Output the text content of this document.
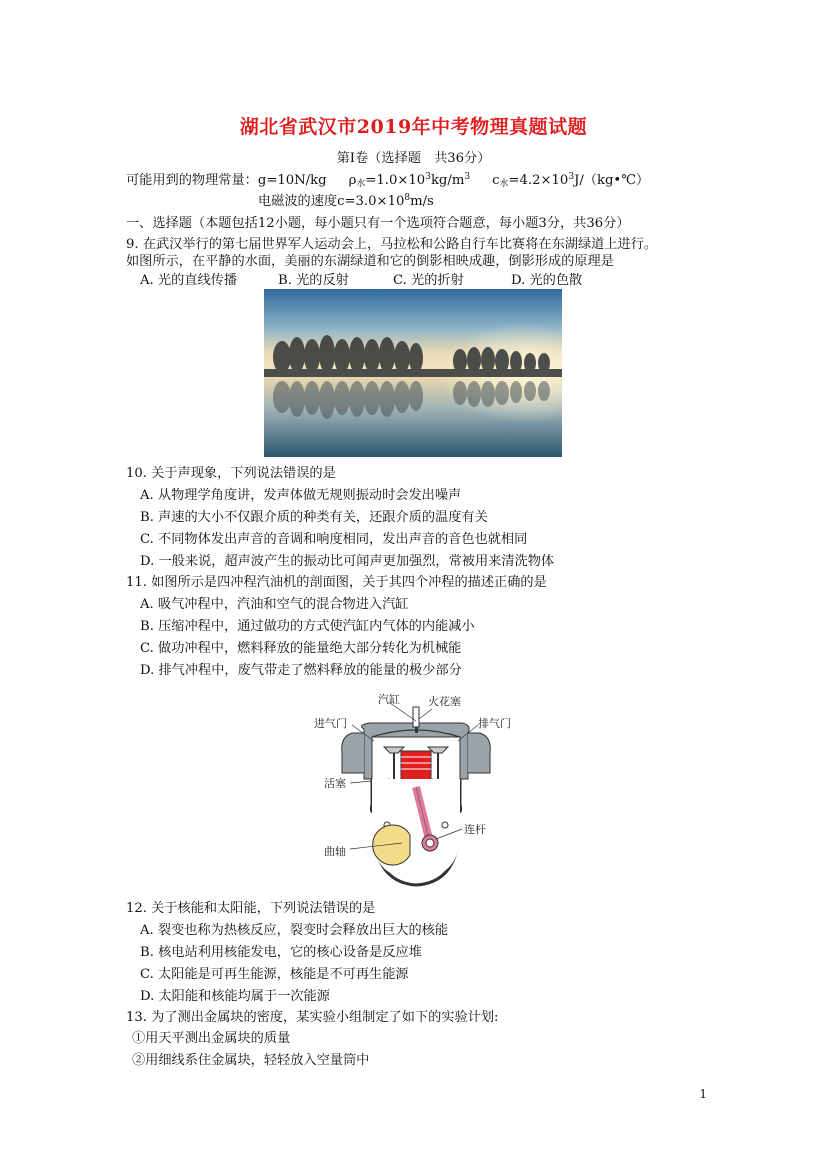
湖北省武汉市2019年中考物理真题试题
第Ⅰ卷（选择题　共36分）
可能用到的物理常量：g=10N/kg $\rho_水=1.0\times 10^3kg/m^3$ $c_水=4.2\times 10^3J/(kg•℃)$
电磁波的速度$c=3.0\times 10^8m/s$
一、选择题（本题包括12小题，每小题只有一个选项符合题意，每小题3分，共36分）
9. 在武汉举行的第七届世界军人运动会上，马拉松和公路自行车比赛将在东湖绿道上进行。
如图所示，在平静的水面，美丽的东湖绿道和它的倒影相映成趣，倒影形成的原理是
A. 光的直线传播	B. 光的反射	C. 光的折射	D. 光的色散
10. 关于声现象，下列说法错误的是
A. 从物理学角度讲，发声体做无规则振动时会发出噪声
B. 声速的大小不仅跟介质的种类有关，还跟介质的温度有关
C. 不同物体发出声音的音调和响度相同，发出声音的音色也就相同
D. 一般来说，超声波产生的振动比可闻声更加强烈，常被用来清洗物体
11. 如图所示是四冲程汽油机的剖面图，关于其四个冲程的描述正确的是
A. 吸气冲程中，汽油和空气的混合物进入汽缸
B. 压缩冲程中，通过做功的方式使汽缸内气体的内能减小
C. 做功冲程中，燃料释放的能量绝大部分转化为机械能
D. 排气冲程中，废气带走了燃料释放的能量的极少部分
汽缸	火花塞
进气门	排气门
活塞
连杆
曲轴
12. 关于核能和太阳能，下列说法错误的是
A. 裂变也称为热核反应，裂变时会释放出巨大的核能
B. 核电站利用核能发电，它的核心设备是反应堆
C. 太阳能是可再生能源，核能是不可再生能源
D. 太阳能和核能均属于一次能源
13. 为了测出金属块的密度，某实验小组制定了如下的实验计划:
①用天平测出金属块的质量
②用细线系住金属块，轻轻放入空量筒中
1
